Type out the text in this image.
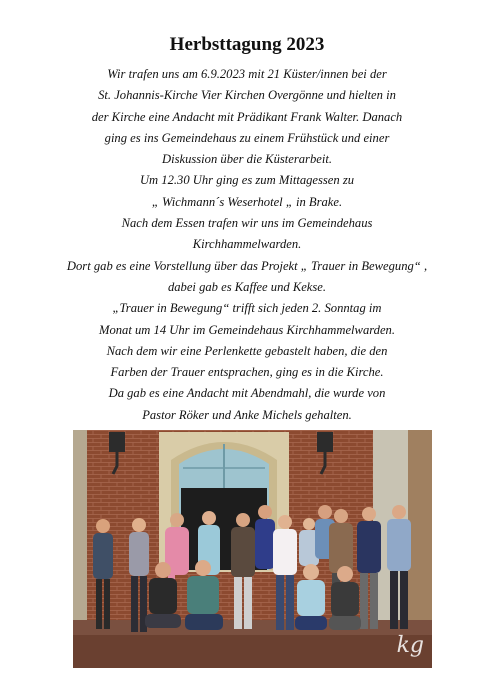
Herbsttagung 2023
Wir trafen uns am 6.9.2023 mit 21 Küster/innen bei der
St. Johannis-Kirche Vier Kirchen Overgönne und hielten in
der Kirche eine Andacht mit Prädikant Frank Walter. Danach
ging es ins Gemeindehaus zu einem Frühstück und einer
Diskussion über die Küsterarbeit.
Um 12.30 Uhr ging es zum Mittagessen zu
„ Wichmann´s Weserhotel „ in Brake.
Nach dem Essen trafen wir uns im Gemeindehaus
Kirchhammelwarden.
Dort gab es eine Vorstellung über das Projekt „ Trauer in Bewegung“ ,
dabei gab es Kaffee und Kekse.
„Trauer in Bewegung“ trifft sich jeden 2. Sonntag im
Monat um 14 Uhr im Gemeindehaus Kirchhammelwarden.
Nach dem wir eine Perlenkette gebastelt haben, die den
Farben der Trauer entsprachen, ging es in die Kirche.
Da gab es eine Andacht mit Abendmahl, die wurde von
Pastor Röker und Anke Michels gehalten.
kg
